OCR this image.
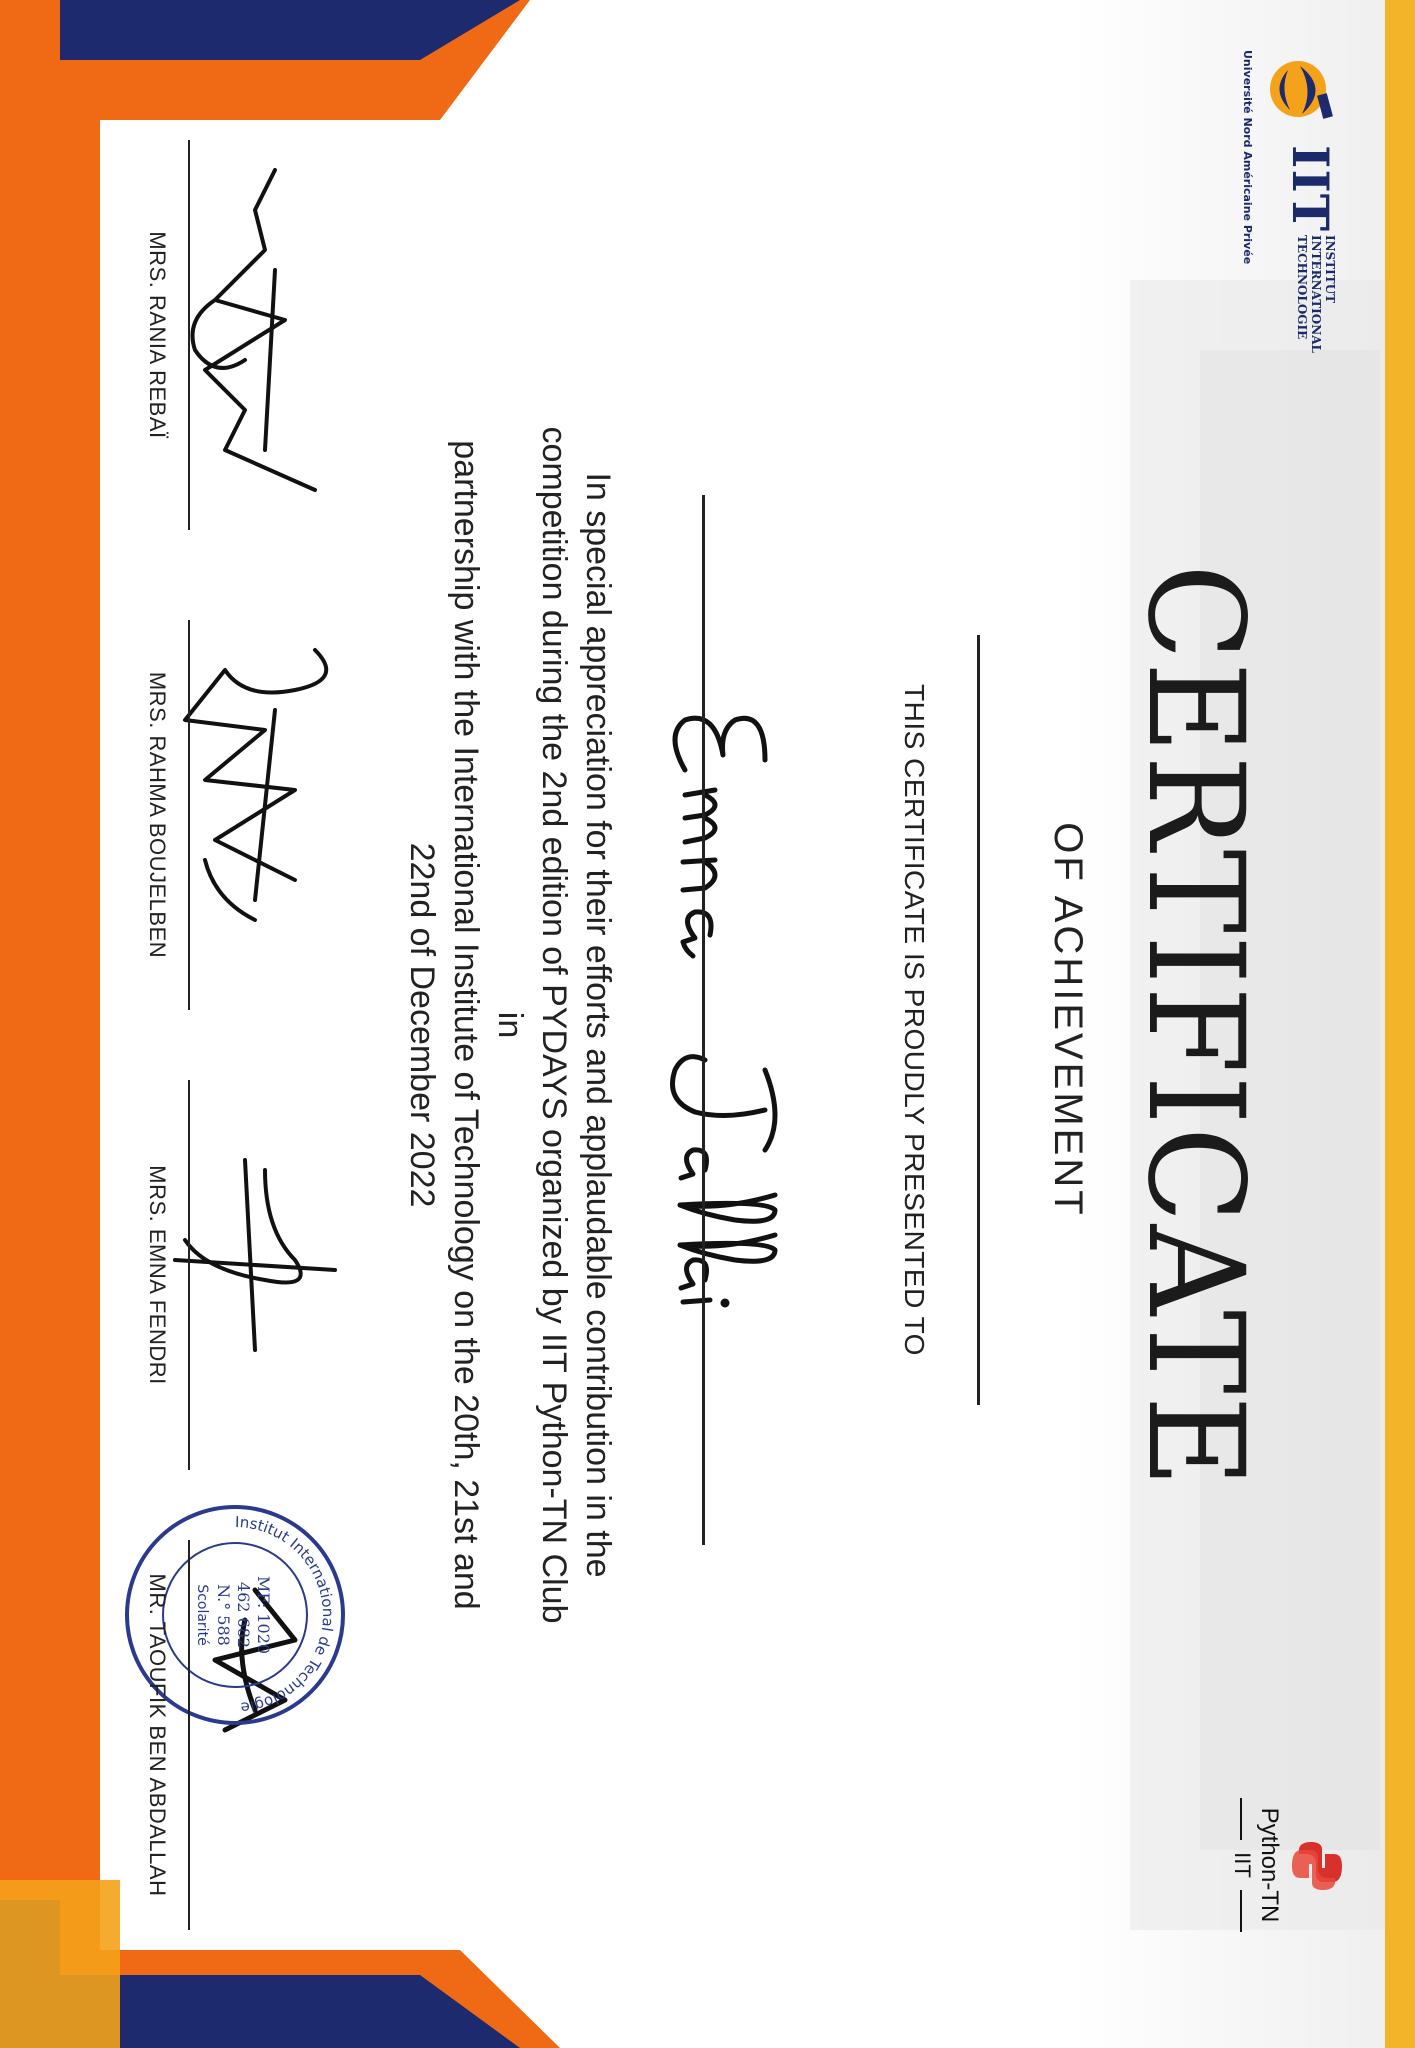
IIT
INSTITUT
INTERNATIONAL
TECHNOLOGIE
Université Nord Américaine Privée
Python-TN
IIT
CERTIFICATE
OF ACHIEVEMENT
THIS CERTIFICATE IS PROUDLY PRESENTED TO
In special appreciation for their efforts and applaudable contribution in the
competition during the 2nd edition of PYDAYS organized by IIT Python-TN Club in
partnership with the International Institute of Technology on the 20th, 21st and
22nd of December 2022
Institut International de Technologie
MF: 1020
462 682
N.° 588
Scolarité
MRS. RANIA REBAÏ
MRS. RAHMA BOUJELBEN
MRS. EMNA FENDRI
MR. TAOUFIK BEN ABDALLAH
